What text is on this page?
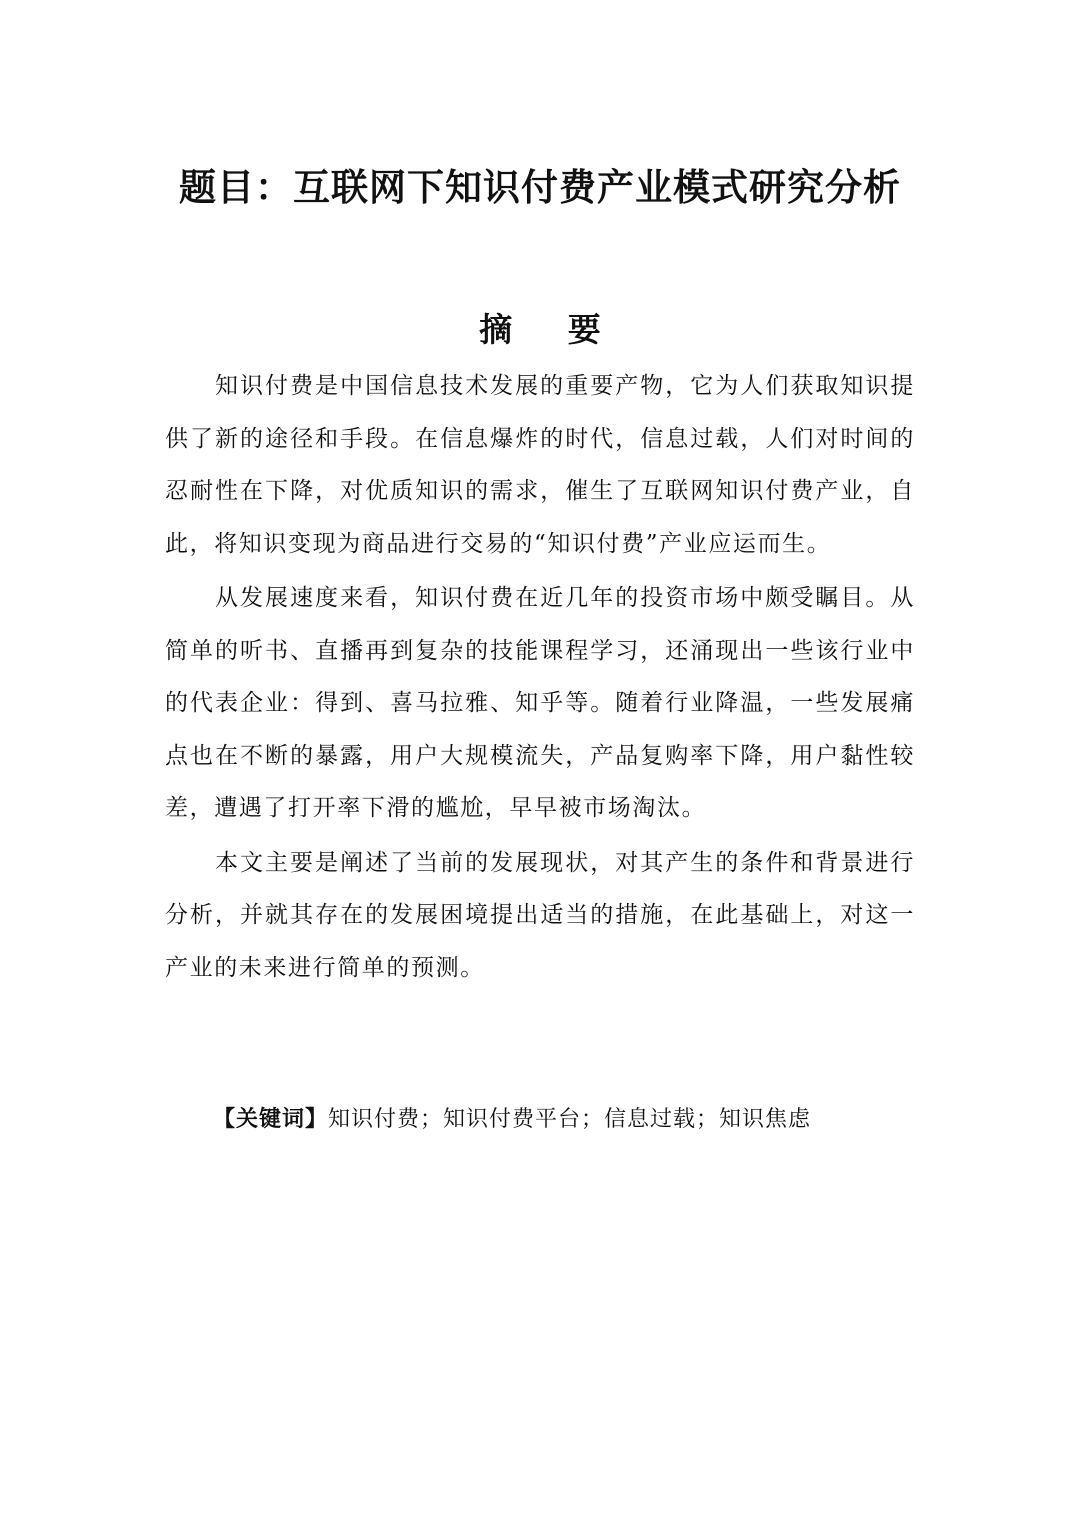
题目：互联网下知识付费产业模式研究分析
摘 要

知识付费是中国信息技术发展的重要产物，它为人们获取知识提供了新的途径和手段。在信息爆炸的时代，信息过载，人们对时间的忍耐性在下降，对优质知识的需求，催生了互联网知识付费产业，自此，将知识变现为商品进行交易的“知识付费”产业应运而生。

从发展速度来看，知识付费在近几年的投资市场中颇受瞩目。从简单的听书、直播再到复杂的技能课程学习，还涌现出一些该行业中的代表企业：得到、喜马拉雅、知乎等。随着行业降温，一些发展痛点也在不断的暴露，用户大规模流失，产品复购率下降，用户黏性较差，遭遇了打开率下滑的尴尬，早早被市场淘汰。

本文主要是阐述了当前的发展现状，对其产生的条件和背景进行分析，并就其存在的发展困境提出适当的措施，在此基础上，对这一产业的未来进行简单的预测。

【关键词】知识付费；知识付费平台；信息过载；知识焦虑
